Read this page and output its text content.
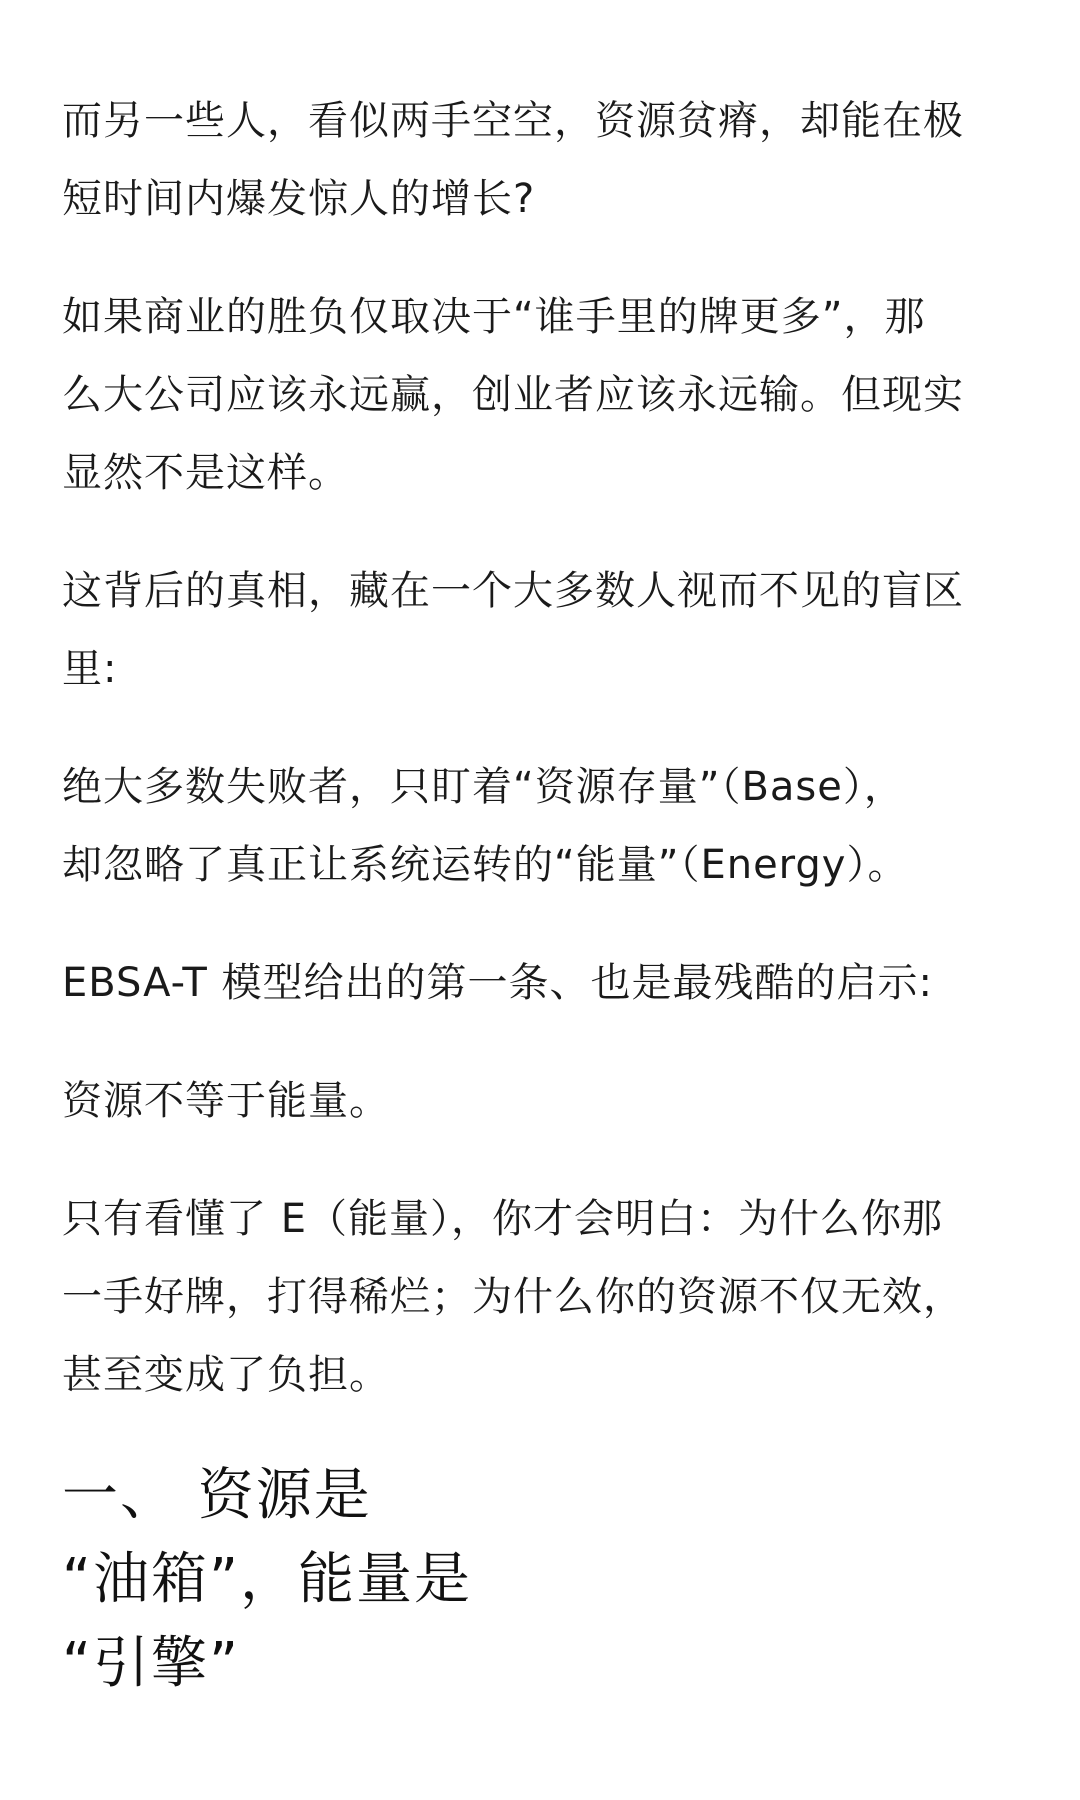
而另一些人，看似两手空空，资源贫瘠，却能在极
短时间内爆发惊人的增长?

如果商业的胜负仅取决于“谁手里的牌更多”，那
么大公司应该永远赢，创业者应该永远输。但现实
显然不是这样。

这背后的真相，藏在一个大多数人视而不见的盲区
里:

绝大多数失败者，只盯着“资源存量”（Base），
却忽略了真正让系统运转的“能量”（Energy）。

EBSA-T 模型给出的第一条、也是最残酷的启示:

资源不等于能量。

只有看懂了 E（能量），你才会明白：为什么你那
一手好牌，打得稀烂；为什么你的资源不仅无效，
甚至变成了负担。

一、 资源是
“油箱”，能量是
“引擎”
